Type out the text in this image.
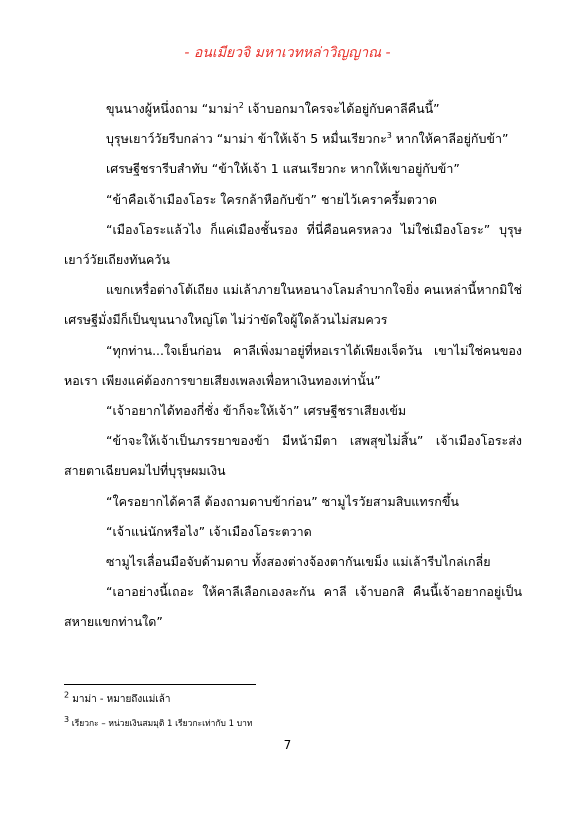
- อนเมียวจิ มหาเวทหล่าวิญญาณ -

ขุนนางผู้หนึ่งถาม “มาม่า$^2$ เจ้าบอกมาใครจะได้อยู่กับคาลีคืนนี้”

บุรุษเยาว์วัยรีบกล่าว “มาม่า ข้าให้เจ้า 5 หมื่นเรียวกะ$^3$ หากให้คาลีอยู่กับข้า”

เศรษฐีชรารีบสำทับ “ข้าให้เจ้า 1 แสนเรียวกะ หากให้เขาอยู่กับข้า”

“ข้าคือเจ้าเมืองโอระ ใครกล้าหือกับข้า” ชายไว้เคราครึ้มตวาด

“เมืองโอระแล้วไง ก็แค่เมืองชั้นรอง ที่นี่คือนครหลวง ไม่ใช่เมืองโอระ” บุรุษเยาว์วัยเถียงทันควัน

แขกเหรื่อต่างโต้เถียง แม่เล้าภายในหอนางโลมลำบากใจยิ่ง คนเหล่านี้หากมิใช่เศรษฐีมั่งมีก็เป็นขุนนางใหญ่โต ไม่ว่าขัดใจผู้ใดล้วนไม่สมควร

“ทุกท่าน...ใจเย็นก่อน คาลีเพิ่งมาอยู่ที่หอเราได้เพียงเจ็ดวัน เขาไม่ใช่คนของหอเรา เพียงแค่ต้องการขายเสียงเพลงเพื่อหาเงินทองเท่านั้น”

“เจ้าอยากได้ทองกี่ชั่ง ข้าก็จะให้เจ้า” เศรษฐีชราเสียงเข้ม

“ข้าจะให้เจ้าเป็นภรรยาของข้า มีหน้ามีตา เสพสุขไม่สิ้น” เจ้าเมืองโอระส่งสายตาเฉียบคมไปที่บุรุษผมเงิน

“ใครอยากได้คาลี ต้องถามดาบข้าก่อน” ซามูไรวัยสามสิบแทรกขึ้น

“เจ้าแน่นักหรือไง” เจ้าเมืองโอระตวาด

ซามูไรเลื่อนมือจับด้ามดาบ ทั้งสองต่างจ้องตากันเขม็ง แม่เล้ารีบไกล่เกลี่ย

“เอาอย่างนี้เถอะ ให้คาลีเลือกเองละกัน คาลี เจ้าบอกสิ คืนนี้เจ้าอยากอยู่เป็นสหายแขกท่านใด”

$^2$ มาม่า - หมายถึงแม่เล้า
3 เรียวกะ – หน่วยเงินสมมุติ 1 เรียวกะเท่ากับ 1 บาท
7
